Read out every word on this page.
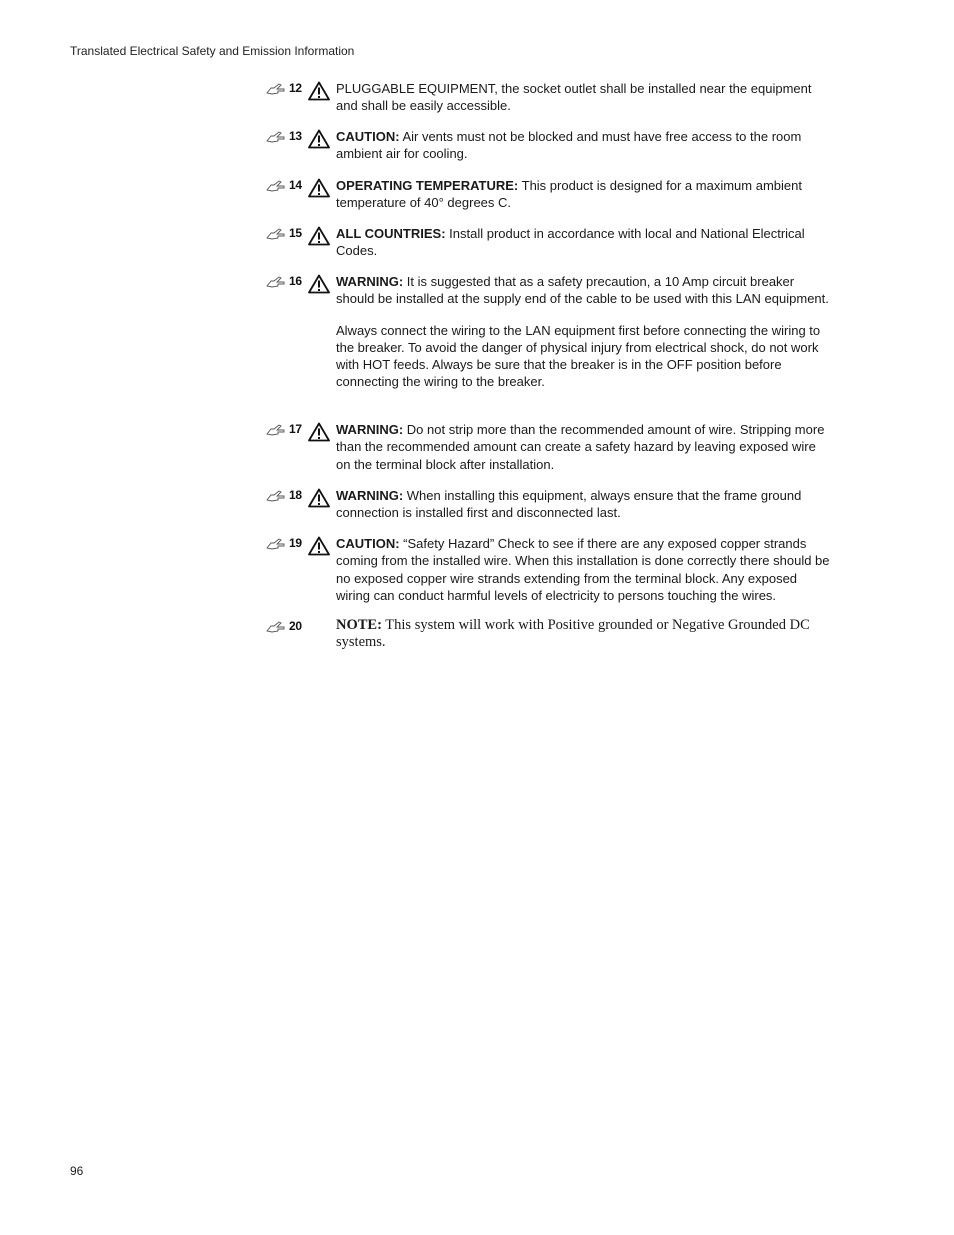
Translated Electrical Safety and Emission Information
12	PLUGGABLE EQUIPMENT, the socket outlet shall be installed near the equipment and shall be easily accessible.

13	CAUTION: Air vents must not be blocked and must have free access to the room ambient air for cooling.

14	OPERATING TEMPERATURE: This product is designed for a maximum ambient temperature of 40° degrees C.

15	ALL COUNTRIES: Install product in accordance with local and National Electrical Codes.

16	WARNING: It is suggested that as a safety precaution, a 10 Amp circuit breaker should be installed at the supply end of the cable to be used with this LAN equipment.

Always connect the wiring to the LAN equipment first before connecting the wiring to the breaker. To avoid the danger of physical injury from electrical shock, do not work with HOT feeds. Always be sure that the breaker is in the OFF position before connecting the wiring to the breaker.

17	WARNING: Do not strip more than the recommended amount of wire. Stripping more than the recommended amount can create a safety hazard by leaving exposed wire on the terminal block after installation.

18	WARNING: When installing this equipment, always ensure that the frame ground connection is installed first and disconnected last.

19	CAUTION: “Safety Hazard” Check to see if there are any exposed copper strands coming from the installed wire. When this installation is done correctly there should be no exposed copper wire strands extending from the terminal block. Any exposed wiring can conduct harmful levels of electricity to persons touching the wires.

20 NOTE: This system will work with Positive grounded or Negative Grounded DC systems.

96
